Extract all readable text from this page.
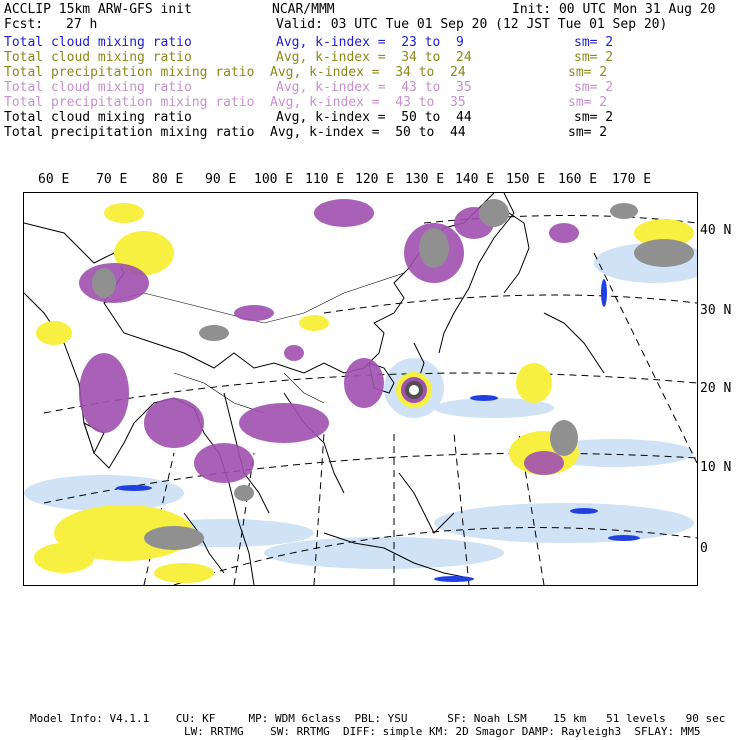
ACCLIP 15km ARW-GFS init	NCAR/MMM	Init: 00 UTC Mon 31 Aug 20
Fcst: 27 h	Valid: 03 UTC Tue 01 Sep 20 (12 JST Tue 01 Sep 20)
Total cloud mixing ratio	Avg, k-index =  23 to  9	sm= 2
Total cloud mixing ratio	Avg, k-index =  34 to  24	sm= 2
Total precipitation mixing ratio Avg, k-index =  34 to  24	sm= 2
Total cloud mixing ratio	Avg, k-index =  43 to  35	sm= 2
Total precipitation mixing ratio Avg, k-index =  43 to  35	sm= 2
Total cloud mixing ratio	Avg, k-index =  50 to  44	sm= 2
Total precipitation mixing ratio Avg, k-index =  50 to  44	sm= 2
60 E 70 E 80 E 90 E 100 E 110 E 120 E 130 E 140 E 150 E 160 E 170 E
40 N
30 N
20 N
10 N
0
Model Info: V4.1.1    CU: KF     MP: WDM 6class  PBL: YSU      SF: Noah LSM    15 km   51 levels   90 sec
LW: RRTMG    SW: RRTMG  DIFF: simple KM: 2D Smagor DAMP: Rayleigh3  SFLAY: MM5
